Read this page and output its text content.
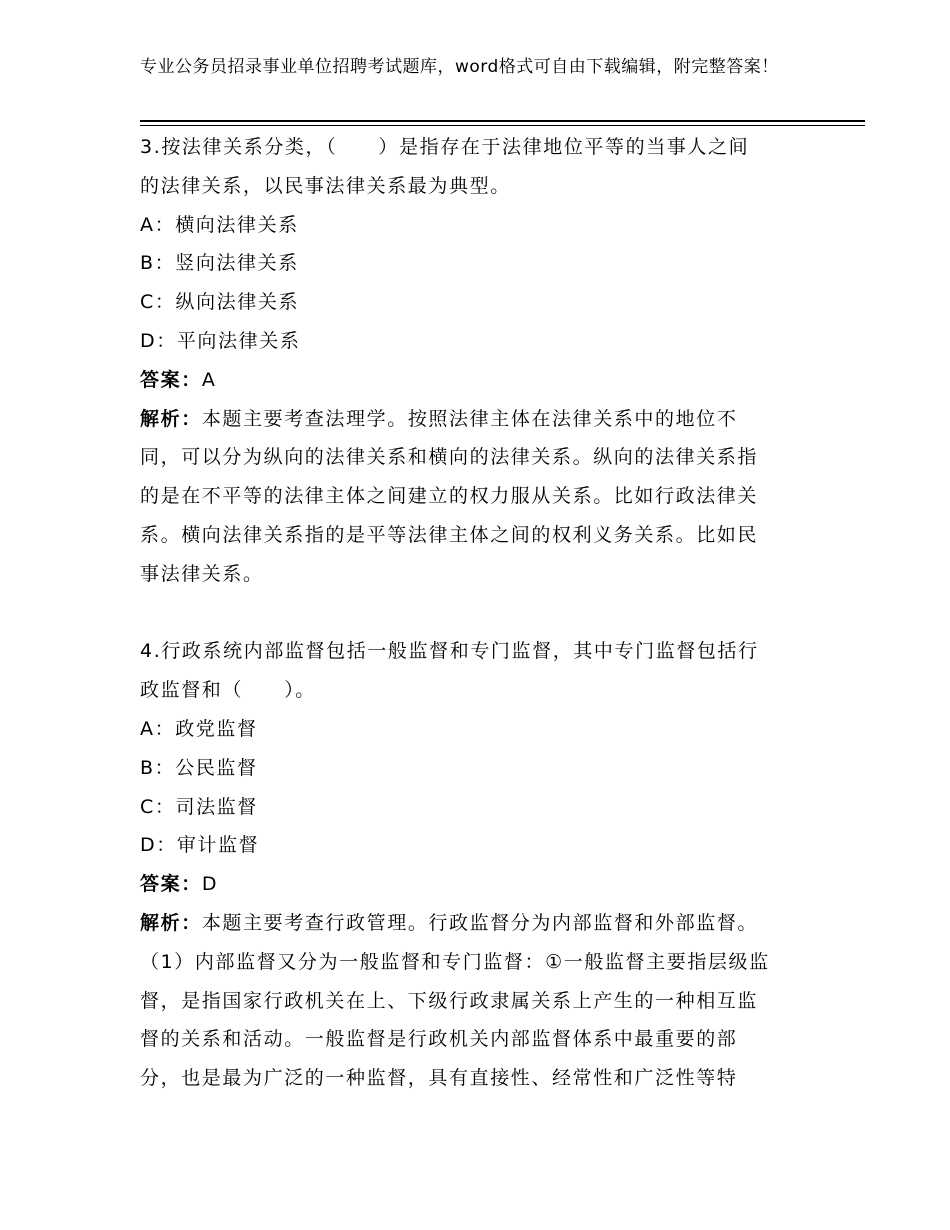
专业公务员招录事业单位招聘考试题库，word格式可自由下载编辑，附完整答案！
3.按法律关系分类，（　　）是指存在于法律地位平等的当事人之间
的法律关系，以民事法律关系最为典型。
A：横向法律关系
B：竖向法律关系
C：纵向法律关系
D：平向法律关系
答案：A
解析：本题主要考查法理学。按照法律主体在法律关系中的地位不
同，可以分为纵向的法律关系和横向的法律关系。纵向的法律关系指
的是在不平等的法律主体之间建立的权力服从关系。比如行政法律关
系。横向法律关系指的是平等法律主体之间的权利义务关系。比如民
事法律关系。
4.行政系统内部监督包括一般监督和专门监督，其中专门监督包括行
政监督和（　　）。
A：政党监督
B：公民监督
C：司法监督
D：审计监督
答案：D
解析：本题主要考查行政管理。行政监督分为内部监督和外部监督。
（1）内部监督又分为一般监督和专门监督：①一般监督主要指层级监
督，是指国家行政机关在上、下级行政隶属关系上产生的一种相互监
督的关系和活动。一般监督是行政机关内部监督体系中最重要的部
分，也是最为广泛的一种监督，具有直接性、经常性和广泛性等特
